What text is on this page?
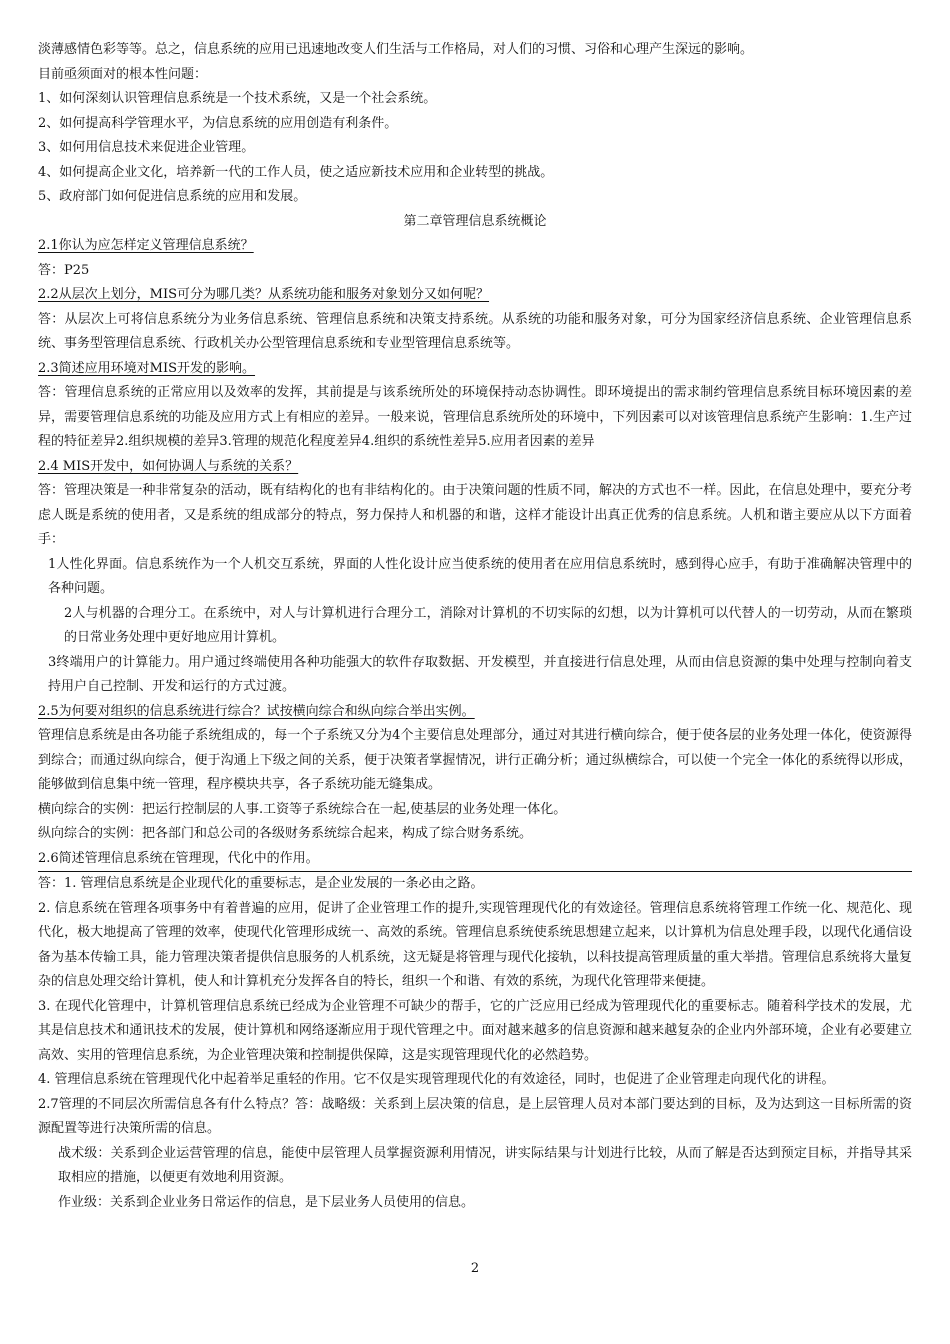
淡薄感情色彩等等。总之，信息系统的应用已迅速地改变人们生活与工作格局，对人们的习惯、习俗和心理产生深远的影响。

目前亟须面对的根本性问题：

1、如何深刻认识管理信息系统是一个技术系统，又是一个社会系统。

2、如何提高科学管理水平，为信息系统的应用创造有利条件。

3、如何用信息技术来促进企业管理。

4、如何提高企业文化，培养新一代的工作人员，使之适应新技术应用和企业转型的挑战。

5、政府部门如何促进信息系统的应用和发展。

第二章管理信息系统概论

2.1你认为应怎样定义管理信息系统？

答：P25

2.2从层次上划分，MIS可分为哪几类？从系统功能和服务对象划分又如何呢？

答：从层次上可将信息系统分为业务信息系统、管理信息系统和决策支持系统。从系统的功能和服务对象，可分为国家经济信息系统、企业管理信息系统、事务型管理信息系统、行政机关办公型管理信息系统和专业型管理信息系统等。

2.3简述应用环境对MIS开发的影响。

答：管理信息系统的正常应用以及效率的发挥，其前提是与该系统所处的环境保持动态协调性。即环境提出的需求制约管理信息系统目标环境因素的差异，需要管理信息系统的功能及应用方式上有相应的差异。一般来说，管理信息系统所处的环境中，下列因素可以对该管理信息系统产生影响：1.生产过程的特征差异2.组织规模的差异3.管理的规范化程度差异4.组织的系统性差异5.应用者因素的差异

2.4 MIS开发中，如何协调人与系统的关系？

答：管理决策是一种非常复杂的活动，既有结构化的也有非结构化的。由于决策问题的性质不同，解决的方式也不一样。因此，在信息处理中，要充分考虑人既是系统的使用者，又是系统的组成部分的特点，努力保持人和机器的和谐，这样才能设计出真正优秀的信息系统。人机和谐主要应从以下方面着手：

1人性化界面。信息系统作为一个人机交互系统，界面的人性化设计应当使系统的使用者在应用信息系统时，感到得心应手，有助于准确解决管理中的各种问题。

2人与机器的合理分工。在系统中，对人与计算机进行合理分工，消除对计算机的不切实际的幻想，以为计算机可以代替人的一切劳动，从而在繁琐的日常业务处理中更好地应用计算机。

3终端用户的计算能力。用户通过终端使用各种功能强大的软件存取数据、开发模型，并直接进行信息处理，从而由信息资源的集中处理与控制向着支持用户自己控制、开发和运行的方式过渡。

2.5为何要对组织的信息系统进行综合？试按横向综合和纵向综合举出实例。

管理信息系统是由各功能子系统组成的，每一个子系统又分为4个主要信息处理部分，通过对其进行横向综合，便于使各层的业务处理一体化，使资源得到综合；而通过纵向综合，便于沟通上下级之间的关系，便于决策者掌握情况，讲行正确分析；通过纵横综合，可以使一个完全一体化的系统得以形成，能够做到信息集中统一管理，程序模块共享，各子系统功能无缝集成。

横向综合的实例：把运行控制层的人事.工资等子系统综合在一起,使基层的业务处理一体化。

纵向综合的实例：把各部门和总公司的各级财务系统综合起来，构成了综合财务系统。

2.6简述管理信息系统在管理现，代化中的作用。

答：1. 管理信息系统是企业现代化的重要标志，是企业发展的一条必由之路。

2. 信息系统在管理各项事务中有着普遍的应用，促讲了企业管理工作的提升,实现管理现代化的有效途径。管理信息系统将管理工作统一化、规范化、现代化，极大地提高了管理的效率，使现代化管理形成统一、高效的系统。管理信息系统使系统思想建立起来，以计算机为信息处理手段，以现代化通信设备为基本传输工具，能力管理决策者提供信息服务的人机系统，这无疑是将管理与现代化接轨，以科技提高管理质量的重大举措。管理信息系统将大量复杂的信息处理交给计算机，使人和计算机充分发挥各自的特长，组织一个和谐、有效的系统，为现代化管理带来便捷。

3. 在现代化管理中，计算机管理信息系统已经成为企业管理不可缺少的帮手，它的广泛应用已经成为管理现代化的重要标志。随着科学技术的发展，尤其是信息技术和通讯技术的发展，使计算机和网络逐渐应用于现代管理之中。面对越来越多的信息资源和越来越复杂的企业内外部环境，企业有必要建立高效、实用的管理信息系统，为企业管理决策和控制提供保障，这是实现管理现代化的必然趋势。

4. 管理信息系统在管理现代化中起着举足重轻的作用。它不仅是实现管理现代化的有效途径，同时，也促进了企业管理走向现代化的讲程。

2.7管理的不同层次所需信息各有什么特点？答：战略级：关系到上层决策的信息，是上层管理人员对本部门要达到的目标，及为达到这一目标所需的资源配置等进行决策所需的信息。

战术级：关系到企业运营管理的信息，能使中层管理人员掌握资源利用情况，讲实际结果与计划进行比较，从而了解是否达到预定目标，并指导其采取相应的措施，以便更有效地利用资源。

作业级：关系到企业业务日常运作的信息，是下层业务人员使用的信息。

2
